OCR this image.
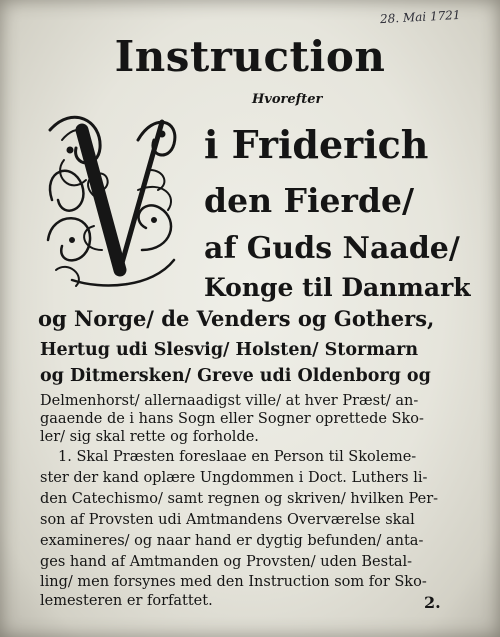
28. Mai 1721
Instruction
Hvorefter
i Friderich
den Fierde/
af Guds Naade/
Konge til Danmark
og Norge/ de Venders og Gothers,
Hertug udi Slesvig/ Holsten/ Stormarn
og Ditmersken/ Greve udi Oldenborg og
Delmenhorst/ allernaadigst ville/ at hver Præst/ an-
gaaende de i hans Sogn eller Sogner oprettede Sko-
ler/ sig skal rette og forholde.
1. Skal Præsten foreslaae en Person til Skoleme-
ster der kand oplære Ungdommen i Doct. Luthers li-
den Catechismo/ samt regnen og skriven/ hvilken Per-
son af Provsten udi Amtmandens Overværelse skal
examineres/ og naar hand er dygtig befunden/ anta-
ges hand af Amtmanden og Provsten/ uden Bestal-
ling/ men forsynes med den Instruction som for Sko-
lemesteren er forfattet.	2.
